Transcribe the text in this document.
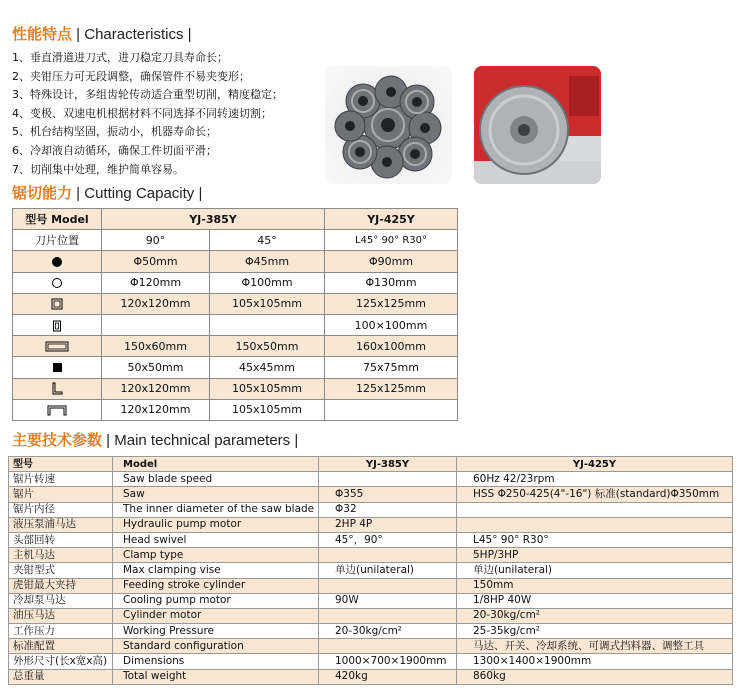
性能特点 | Characteristics |
1、垂直滑道进刀式，进刀稳定刀具寿命长；
2、夹钳压力可无段调整，确保管件不易夹变形；
3、特殊设计，多组齿轮传动适合重型切削，精度稳定；
4、变极、双速电机根据材料不同选择不同转速切割；
5、机台结构坚固，振动小，机器寿命长；
6、冷却液自动循环，确保工件切面平滑；
7、切削集中处理，维护简单容易。
锯切能力 | Cutting Capacity |
型号 Model	YJ-385Y		YJ-425Y
刀片位置	90°	45°	L45° 90° R30°
	Φ50mm	Φ45mm	Φ90mm
	Φ120mm	Φ100mm	Φ130mm
	120x120mm	105x105mm	125x125mm
			100×100mm
	150x60mm	150x50mm	160x100mm
	50x50mm	45x45mm	75x75mm
	120x120mm	105x105mm	125x125mm
	120x120mm	105x105mm	
主要技术参数 | Main technical parameters |
型号	Model	YJ-385Y	YJ-425Y
锯片转速	Saw blade speed		60Hz 42/23rpm
锯片	Saw	Φ355	HSS Φ250-425(4"-16") 标准(standard)Φ350mm
锯片内径	The inner diameter of the saw blade	Φ32	
液压泵浦马达	Hydraulic pump motor	2HP 4P	
头部回转	Head swivel	45°，90°	L45° 90° R30°
主机马达	Clamp type		5HP/3HP
夹钳型式	Max clamping vise	单边(unilateral)	单边(unilateral)
虎钳最大夹持	Feeding stroke cylinder		150mm
冷却泵马达	Cooling pump motor	90W	1/8HP 40W
油压马达	Cylinder motor		20-30kg/cm²
工作压力	Working Pressure	20-30kg/cm²	25-35kg/cm²
标准配置	Standard configuration		马达、开关、冷却系统、可调式挡料器、调整工具
外形尺寸(长x宽x高)	Dimensions	1000×700×1900mm	1300×1400×1900mm
总重量	Total weight	420kg	860kg
